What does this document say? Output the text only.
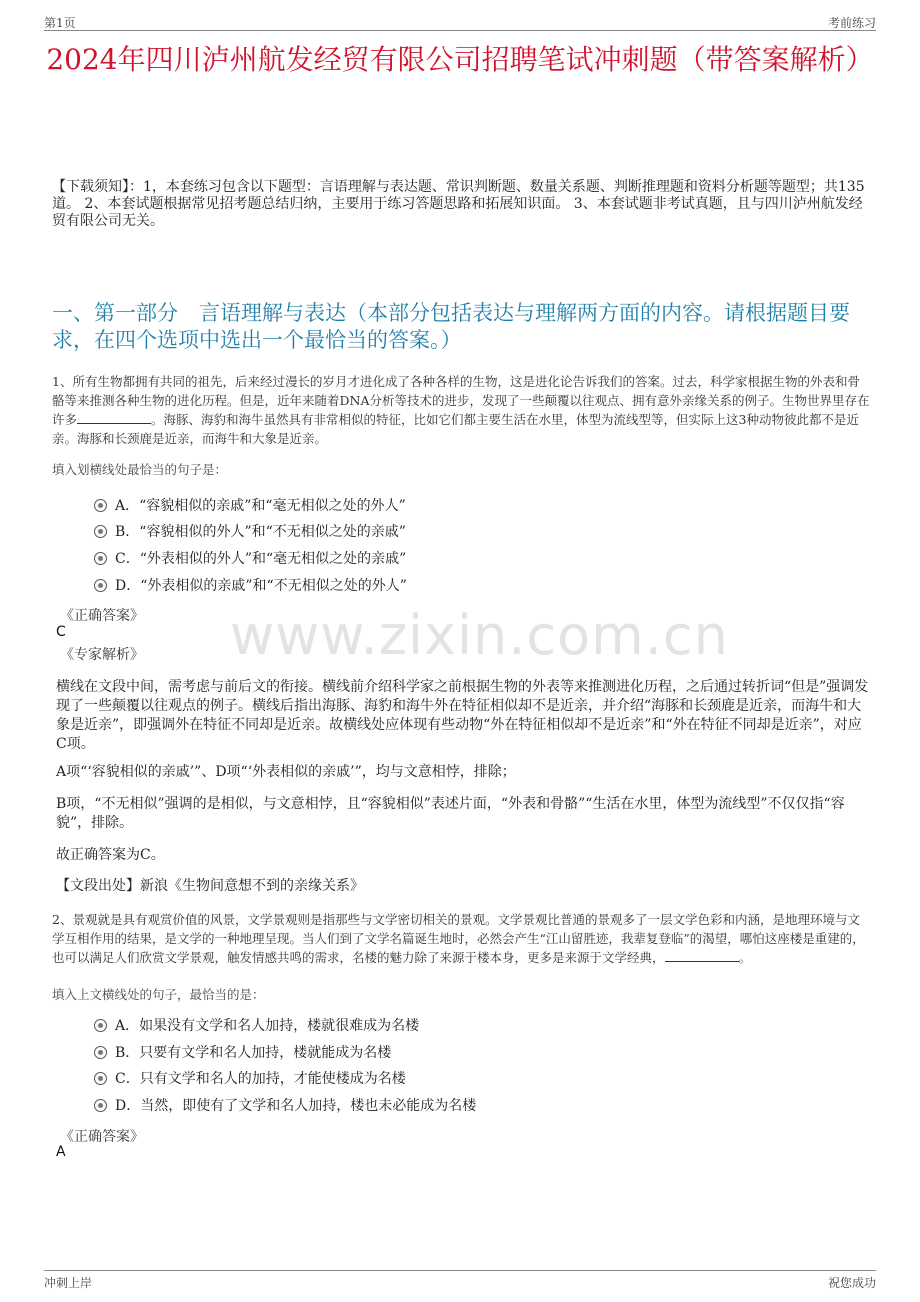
第1页	考前练习
2024年四川泸州航发经贸有限公司招聘笔试冲刺题（带答案解析）
【下载须知】：1，本套练习包含以下题型：言语理解与表达题、常识判断题、数量关系题、判断推理题和资料分析题等题型；共135道。 2、本套试题根据常见招考题总结归纳，主要用于练习答题思路和拓展知识面。 3、本套试题非考试真题，且与四川泸州航发经贸有限公司无关。
一、第一部分　言语理解与表达（本部分包括表达与理解两方面的内容。请根据题目要求，在四个选项中选出一个最恰当的答案。）
www.zixin.com.cn
1、所有生物都拥有共同的祖先，后来经过漫长的岁月才进化成了各种各样的生物，这是进化论告诉我们的答案。过去，科学家根据生物的外表和骨骼等来推测各种生物的进化历程。但是，近年来随着DNA分析等技术的进步，发现了一些颠覆以往观点、拥有意外亲缘关系的例子。生物世界里存在许多	。海豚、海豹和海牛虽然具有非常相似的特征，比如它们都主要生活在水里，体型为流线型等，但实际上这3种动物彼此都不是近亲。海豚和长颈鹿是近亲，而海牛和大象是近亲。
填入划横线处最恰当的句子是：
A．“容貌相似的亲戚”和“毫无相似之处的外人”
B．“容貌相似的外人”和“不无相似之处的亲戚”
C．“外表相似的外人”和“毫无相似之处的亲戚”
D．“外表相似的亲戚”和“不无相似之处的外人”
《正确答案》
C
《专家解析》
横线在文段中间，需考虑与前后文的衔接。横线前介绍科学家之前根据生物的外表等来推测进化历程，之后通过转折词“但是”强调发现了一些颠覆以往观点的例子。横线后指出海豚、海豹和海牛外在特征相似却不是近亲，并介绍“海豚和长颈鹿是近亲，而海牛和大象是近亲”，即强调外在特征不同却是近亲。故横线处应体现有些动物“外在特征相似却不是近亲”和“外在特征不同却是近亲”，对应C项。
A项“‘容貌相似的亲戚’”、D项“‘外表相似的亲戚’”，均与文意相悖，排除；
B项，“不无相似”强调的是相似，与文意相悖，且“容貌相似”表述片面，“外表和骨骼”“生活在水里，体型为流线型”不仅仅指“容貌”，排除。
故正确答案为C。
【文段出处】新浪《生物间意想不到的亲缘关系》
2、景观就是具有观赏价值的风景，文学景观则是指那些与文学密切相关的景观。文学景观比普通的景观多了一层文学色彩和内涵，是地理环境与文学互相作用的结果，是文学的一种地理呈现。当人们到了文学名篇诞生地时，必然会产生“江山留胜迹，我辈复登临”的渴望，哪怕这座楼是重建的，也可以满足人们欣赏文学景观，触发情感共鸣的需求，名楼的魅力除了来源于楼本身，更多是来源于文学经典，	。
填入上文横线处的句子，最恰当的是：
A．如果没有文学和名人加持，楼就很难成为名楼
B．只要有文学和名人加持，楼就能成为名楼
C．只有文学和名人的加持，才能使楼成为名楼
D．当然，即使有了文学和名人加持，楼也未必能成为名楼
《正确答案》
A
冲刺上岸	祝您成功
